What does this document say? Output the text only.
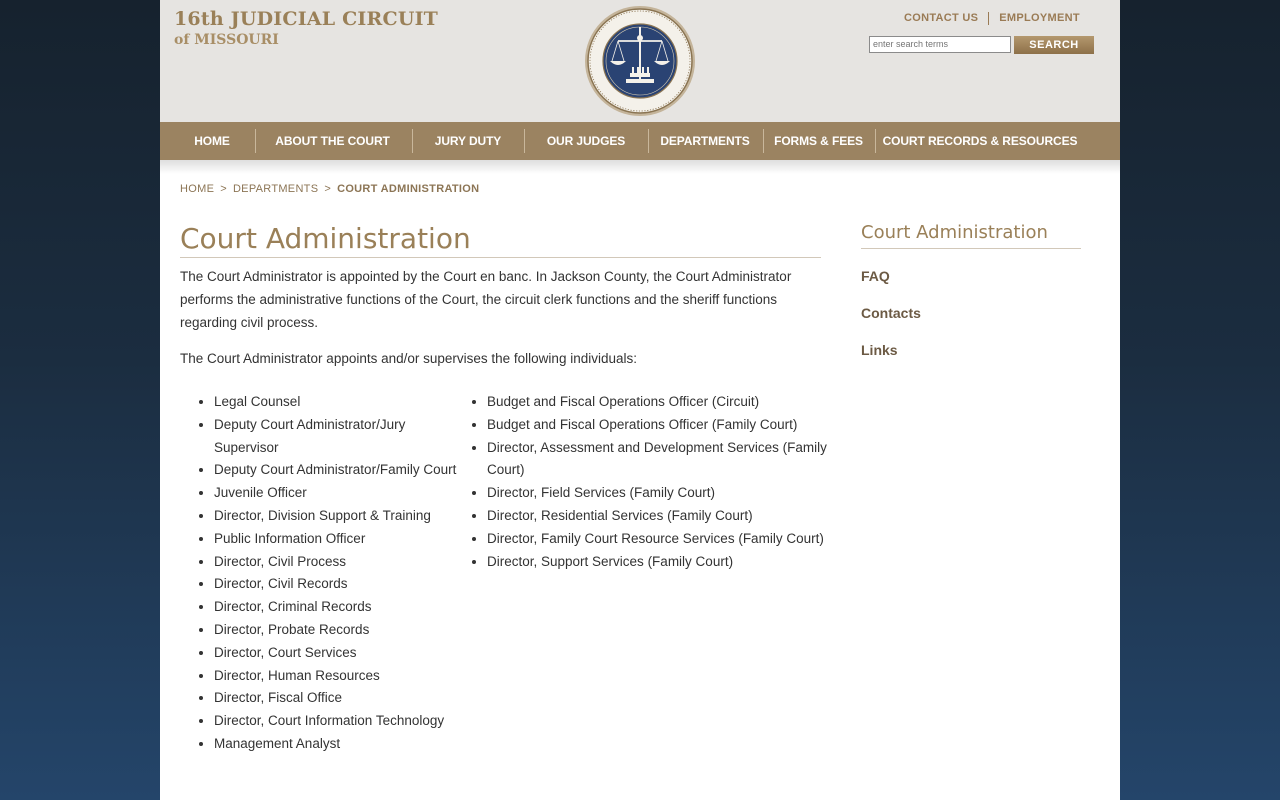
16th JUDICIAL CIRCUIT
of MISSOURI
CONTACT US EMPLOYMENT
enter search terms
SEARCH
HOME	ABOUT THE COURT	JURY DUTY	OUR JUDGES	DEPARTMENTS	FORMS & FEES	COURT RECORDS & RESOURCES
HOME > DEPARTMENTS > COURT ADMINISTRATION
Court Administration
The Court Administrator is appointed by the Court en banc. In Jackson County, the Court Administrator performs the administrative functions of the Court, the circuit clerk functions and the sheriff functions regarding civil process.
The Court Administrator appoints and/or supervises the following individuals:
• Legal Counsel
• Deputy Court Administrator/Jury Supervisor
• Deputy Court Administrator/Family Court
• Juvenile Officer
• Director, Division Support & Training
• Public Information Officer
• Director, Civil Process
• Director, Civil Records
• Director, Criminal Records
• Director, Probate Records
• Director, Court Services
• Director, Human Resources
• Director, Fiscal Office
• Director, Court Information Technology
• Management Analyst
• Budget and Fiscal Operations Officer (Circuit)
• Budget and Fiscal Operations Officer (Family Court)
• Director, Assessment and Development Services (Family Court)
• Director, Field Services (Family Court)
• Director, Residential Services (Family Court)
• Director, Family Court Resource Services (Family Court)
• Director, Support Services (Family Court)
Court Administration
FAQ
Contacts
Links
